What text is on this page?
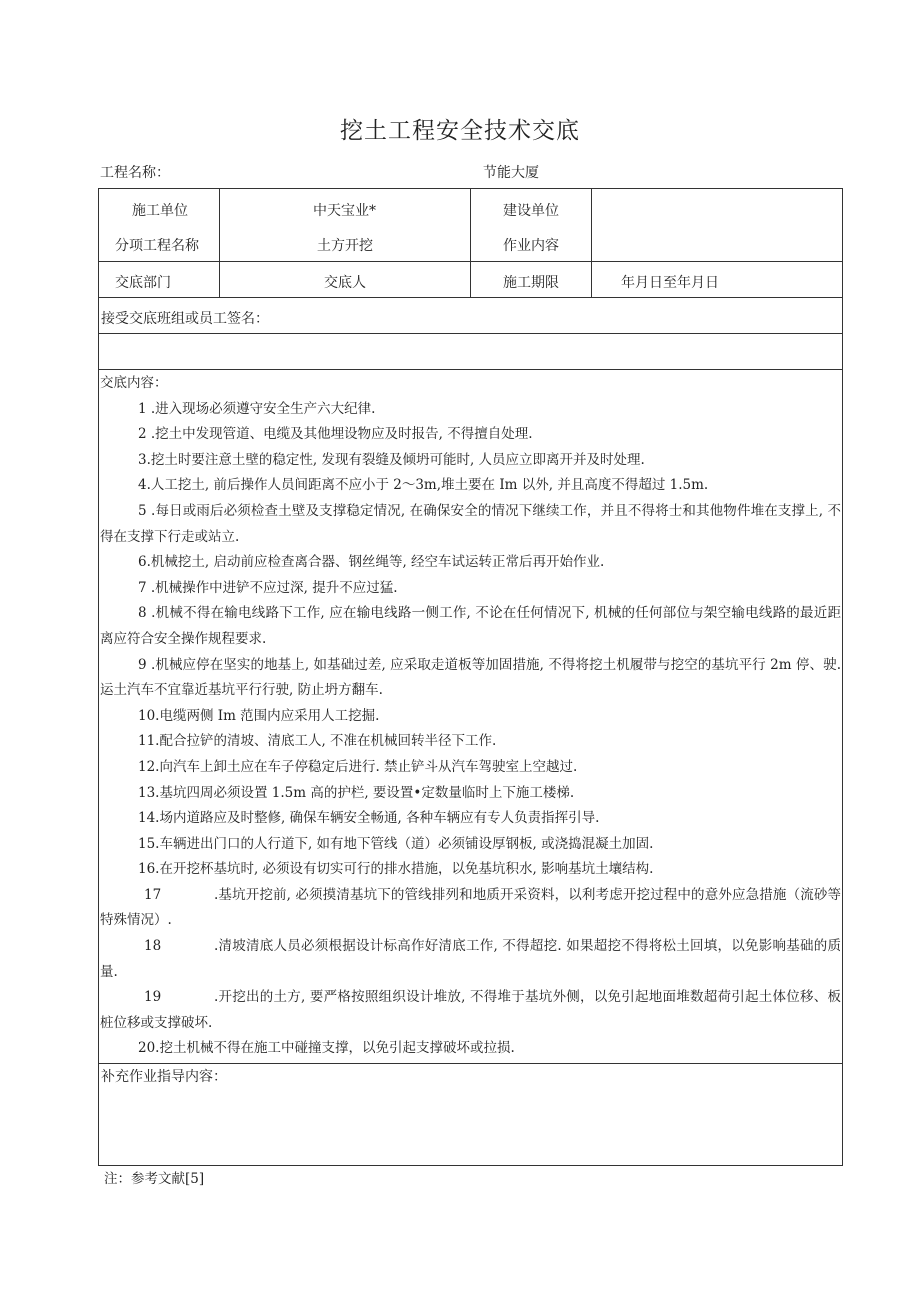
挖土工程安全技术交底
工程名称：	节能大厦
施工单位	中天宝业*	建设单位
分项工程名称	土方开挖	作业内容
交底部门	交底人	施工期限	年月日至年月日
接受交底班组或员工签名：

交底内容：

1 .进入现场必须遵守安全生产六大纪律.

2 .挖土中发现管道、电缆及其他埋设物应及时报告, 不得擅自处理.

3.挖土时要注意土壁的稳定性, 发现有裂缝及倾坍可能时, 人员应立即离开并及时处理.

4.人工挖土, 前后操作人员间距离不应小于 2〜3m,堆土要在 Im 以外, 并且高度不得超过 1.5m.

5 .每日或雨后必须检查土壁及支撑稳定情况, 在确保安全的情况下继续工作，并且不得将士和其他物件堆在支撑上, 不得在支撑下行走或站立.

6.机械挖土, 启动前应检查离合器、钢丝绳等, 经空车试运转正常后再开始作业.

7 .机械操作中进铲不应过深, 提升不应过猛.

8 .机械不得在输电线路下工作, 应在输电线路一侧工作, 不论在任何情况下, 机械的任何部位与架空输电线路的最近距离应符合安全操作规程要求.

9 .机械应停在坚实的地基上, 如基础过差, 应采取走道板等加固措施, 不得将挖土机履带与挖空的基坑平行 2m 停、驶. 运土汽车不宜靠近基坑平行行驶, 防止坍方翻车.

10.电缆两侧 Im 范围内应采用人工挖掘.

11.配合拉铲的清坡、清底工人, 不准在机械回转半径下工作.

12.向汽车上卸土应在车子停稳定后进行. 禁止铲斗从汽车驾驶室上空越过.

13.基坑四周必须设置 1.5m 高的护栏, 要设置•定数量临时上下施工楼梯.

14.场内道路应及时整修, 确保车辆安全畅通, 各种车辆应有专人负责指挥引导.

15.车辆进出门口的人行道下, 如有地下管线（道）必须铺设厚钢板, 或浇捣混凝土加固.

16.在开挖杯基坑时, 必须设有切实可行的排水措施，以免基坑积水, 影响基坑土壤结构.

17	.基坑开挖前, 必须摸清基坑下的管线排列和地质开采资料，以利考虑开挖过程中的意外应急措施（流砂等特殊情况）.

18	.清坡清底人员必须根据设计标高作好清底工作, 不得超挖. 如果超挖不得将松土回填，以免影响基础的质量.

19	.开挖出的土方, 要严格按照组织设计堆放, 不得堆于基坑外侧，以免引起地面堆数超荷引起土体位移、板桩位移或支撑破坏.

20.挖土机械不得在施工中碰撞支撑，以免引起支撑破坏或拉损.

补充作业指导内容：
注：参考文献[5]
